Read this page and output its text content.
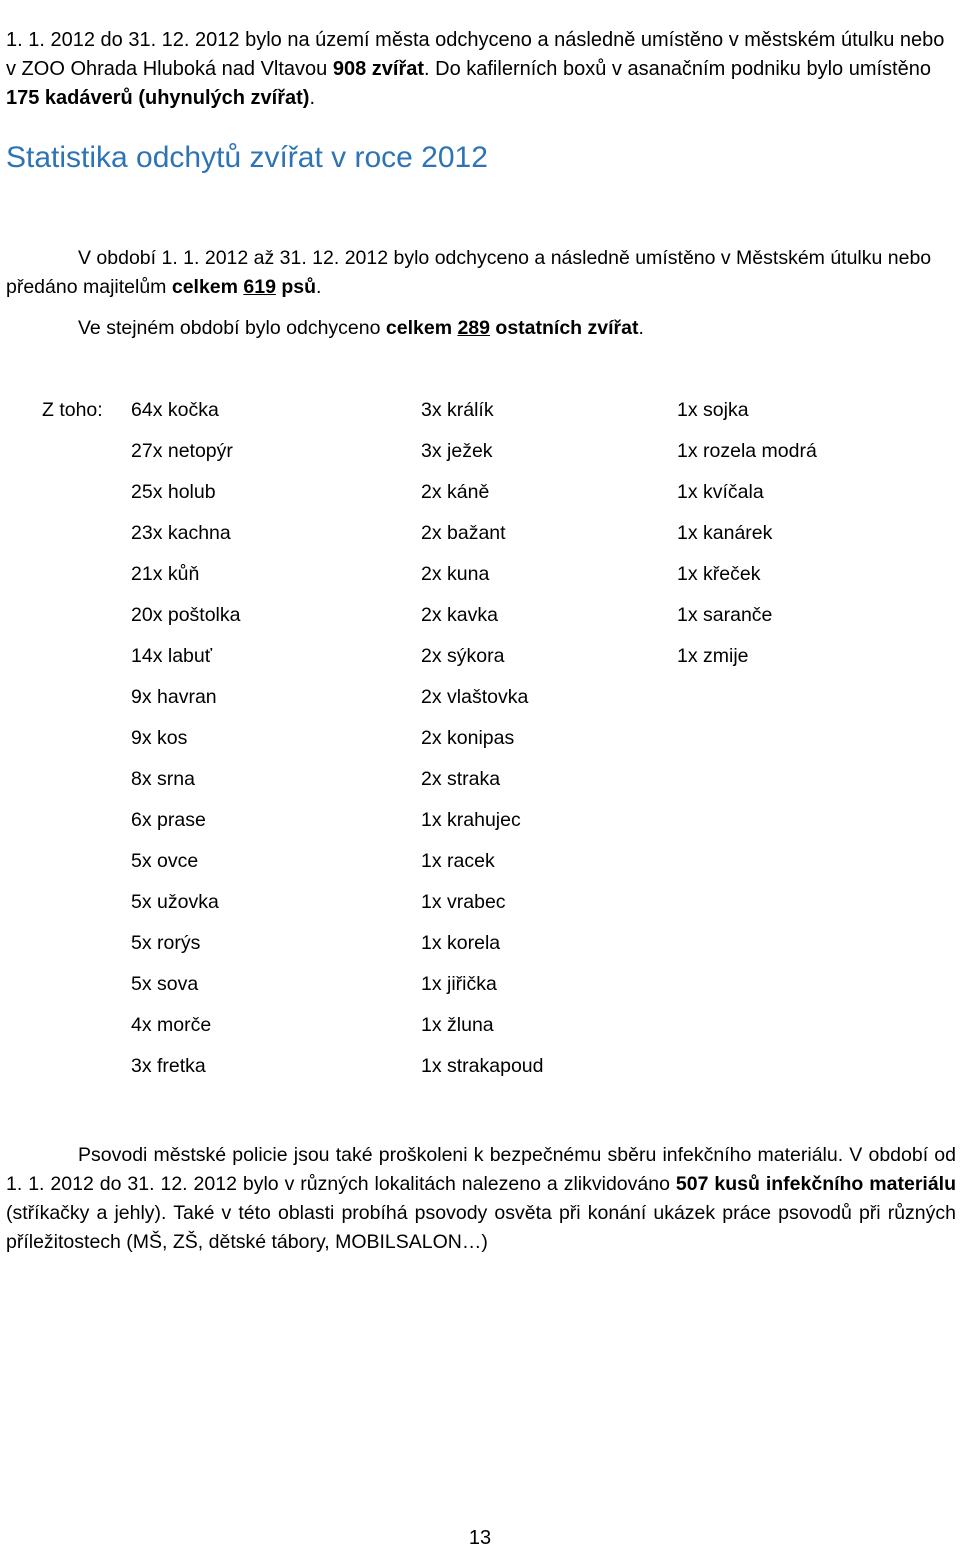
1. 1. 2012 do 31. 12. 2012 bylo na území města odchyceno a následně umístěno v městském útulku nebo v ZOO Ohrada Hluboká nad Vltavou 908 zvířat. Do kafilerních boxů v asanačním podniku bylo umístěno 175 kadáverů (uhynulých zvířat).

Statistika odchytů zvířat v roce 2012

V období 1. 1. 2012 až 31. 12. 2012 bylo odchyceno a následně umístěno v Městském útulku nebo předáno majitelům celkem 619 psů.

Ve stejném období bylo odchyceno celkem 289 ostatních zvířat.

Z toho: 64x kočka
27x netopýr
25x holub
23x kachna
21x kůň
20x poštolka
14x labuť
9x havran
9x kos
8x srna
6x prase
5x ovce
5x užovka
5x rorýs
5x sova
4x morče
3x fretka
3x králík
3x ježek
2x káně
2x bažant
2x kuna
2x kavka
2x sýkora
2x vlaštovka
2x konipas
2x straka
1x krahujec
1x racek
1x vrabec
1x korela
1x jiřička
1x žluna
1x strakapoud
1x sojka
1x rozela modrá
1x kvíčala
1x kanárek
1x křeček
1x saranče
1x zmije

Psovodi městské policie jsou také proškoleni k bezpečnému sběru infekčního materiálu. V období od 1. 1. 2012 do 31. 12. 2012 bylo v různých lokalitách nalezeno a zlikvidováno 507 kusů infekčního materiálu (stříkačky a jehly). Také v této oblasti probíhá psovody osvěta při konání ukázek práce psovodů při různých příležitostech (MŠ, ZŠ, dětské tábory, MOBILSALON…)

13
